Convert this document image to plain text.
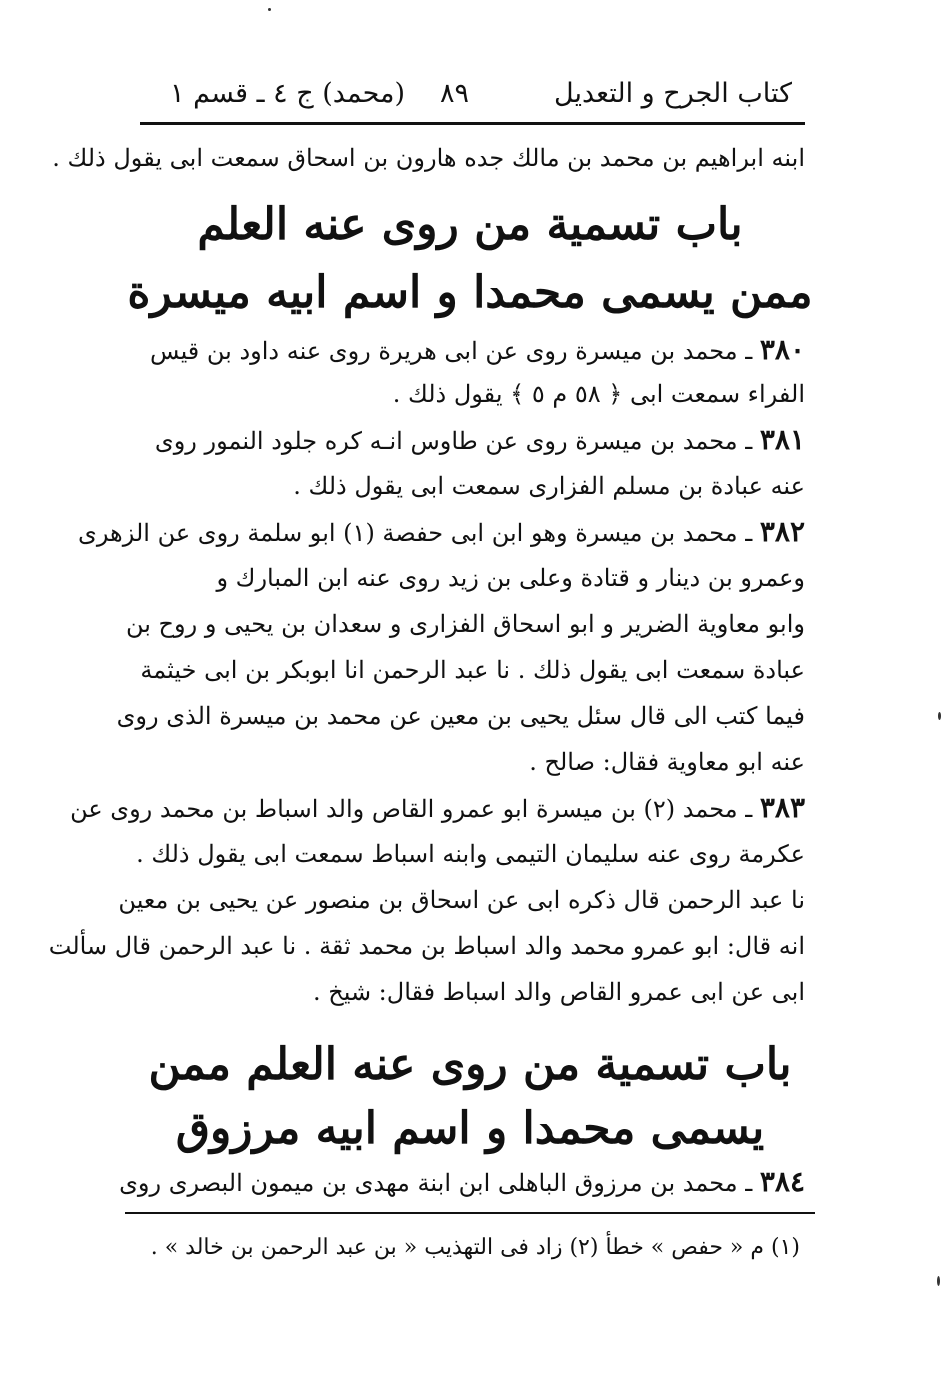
كتاب الجرح و التعديل
٨٩
(محمد) ج ٤ ـ قسم ١
ابنه ابراهيم بن محمد بن مالك جده هارون بن اسحاق سمعت ابى يقول ذلك .
باب تسمية من روى عنه العلم
ممن يسمى محمدا و اسم ابيه ميسرة
٣٨٠ ـ محمد بن ميسرة روى عن ابى هريرة روى عنه داود بن قيس
الفراء سمعت ابى ﴿ ٥٨ م ٥ ﴾ يقول ذلك .
٣٨١ ـ محمد بن ميسرة روى عن طاوس انـه كره جلود النمور روى
عنه عبادة بن مسلم الفزارى سمعت ابى يقول ذلك .
٣٨٢ ـ محمد بن ميسرة وهو ابن ابى حفصة (١) ابو سلمة روى عن الزهرى
وعمرو بن دينار و قتادة وعلى بن زيد روى عنه ابن المبارك و
وابو معاوية الضرير و ابو اسحاق الفزارى و سعدان بن يحيى و روح بن
عبادة سمعت ابى يقول ذلك . نا عبد الرحمن انا ابوبكر بن ابى خيثمة
فيما كتب الى قال سئل يحيى بن معين عن محمد بن ميسرة الذى روى
عنه ابو معاوية فقال: صالح .
٣٨٣ ـ محمد (٢) بن ميسرة ابو عمرو القاص والد اسباط بن محمد روى عن
عكرمة روى عنه سليمان التيمى وابنه اسباط سمعت ابى يقول ذلك .
نا عبد الرحمن قال ذكره ابى عن اسحاق بن منصور عن يحيى بن معين
انه قال: ابو عمرو محمد والد اسباط بن محمد ثقة . نا عبد الرحمن قال سألت
ابى عن ابى عمرو القاص والد اسباط فقال: شيخ .
باب تسمية من روى عنه العلم ممن
يسمى محمدا و اسم ابيه مرزوق
٣٨٤ ـ محمد بن مرزوق الباهلى ابن ابنة مهدى بن ميمون البصرى روى
(١) م « حفص » خطأ (٢) زاد فى التهذيب « بن عبد الرحمن بن خالد » .
